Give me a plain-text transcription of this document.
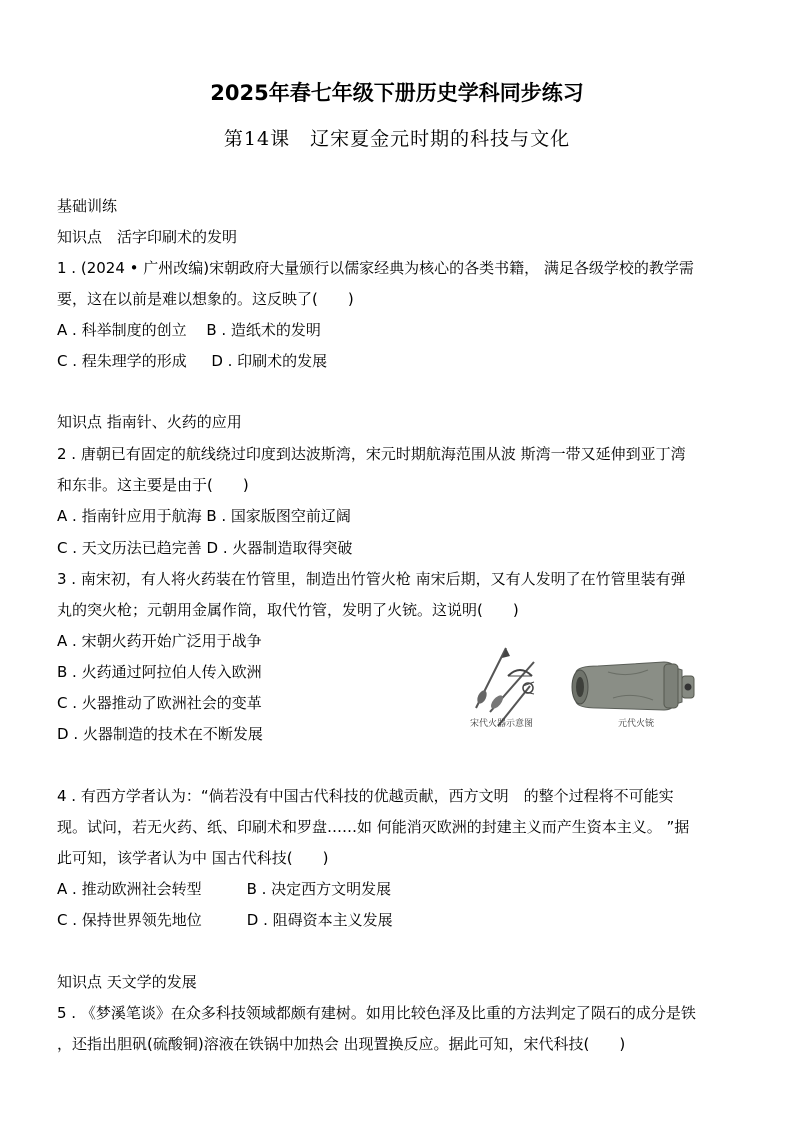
2025年春七年级下册历史学科同步练习
第14课　辽宋夏金元时期的科技与文化
基础训练
知识点　活字印刷术的发明
1 . (2024 • 广州改编)宋朝政府大量颁行以儒家经典为核心的各类书籍， 满足各级学校的教学需
要，这在以前是难以想象的。这反映了(　　)
A . 科举制度的创立　 B . 造纸术的发明
C . 程朱理学的形成 　 D . 印刷术的发展
知识点 指南针、火药的应用
2 . 唐朝已有固定的航线绕过印度到达波斯湾，宋元时期航海范围从波 斯湾一带又延伸到亚丁湾
和东非。这主要是由于(　　)
A . 指南针应用于航海 B . 国家版图空前辽阔
C . 天文历法已趋完善 D . 火器制造取得突破
3 . 南宋初，有人将火药装在竹管里，制造出竹管火枪 南宋后期，又有人发明了在竹管里装有弹
丸的突火枪；元朝用金属作筒，取代竹管，发明了火铳。这说明(　　)
A . 宋朝火药开始广泛用于战争
B . 火药通过阿拉伯人传入欧洲
C . 火器推动了欧洲社会的变革
D . 火器制造的技术在不断发展
宋代火器示意图	元代火铳
4 . 有西方学者认为：“倘若没有中国古代科技的优越贡献，西方文明　的整个过程将不可能实
现。试问，若无火药、纸、印刷术和罗盘……如 何能消灭欧洲的封建主义而产生资本主义。 ”据
此可知，该学者认为中 国古代科技(　　)
A . 推动欧洲社会转型　　　B . 决定西方文明发展
C . 保持世界领先地位　　　D . 阻碍资本主义发展
知识点 天文学的发展
5 . 《梦溪笔谈》在众多科技领域都颇有建树。如用比较色泽及比重的方法判定了陨石的成分是铁
，还指出胆矾(硫酸铜)溶液在铁锅中加热会 出现置换反应。据此可知，宋代科技(　　)
